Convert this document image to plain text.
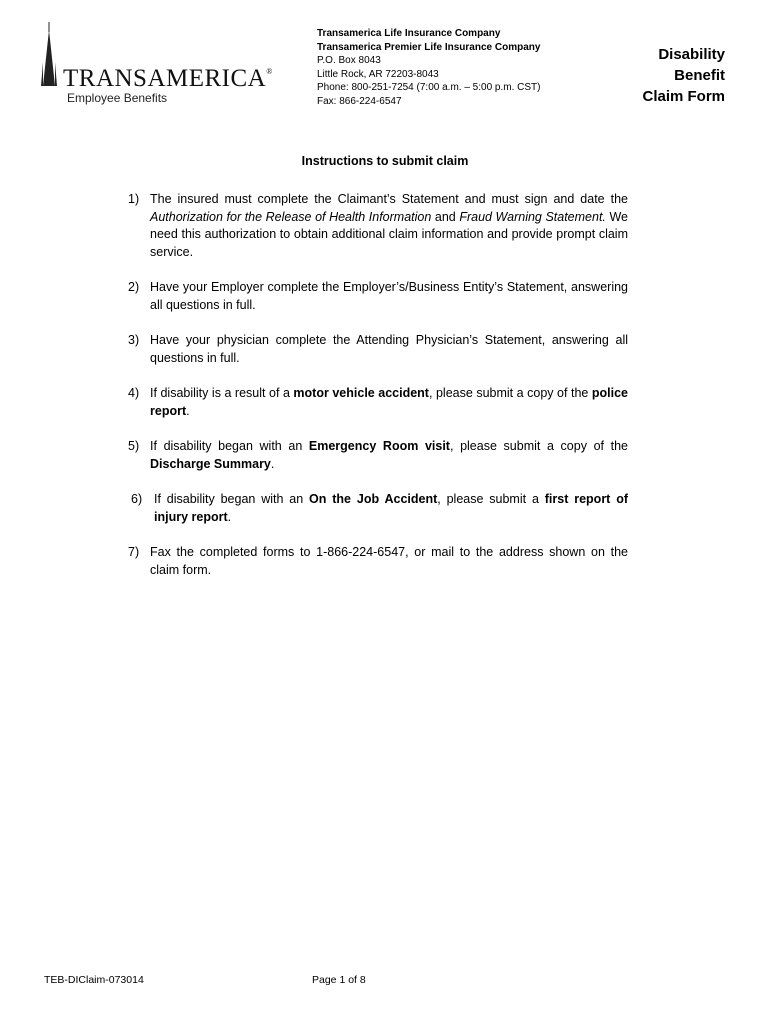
TRANSAMERICA®
Employee Benefits
Transamerica Life Insurance Company
Transamerica Premier Life Insurance Company
P.O. Box 8043
Little Rock, AR 72203-8043
Phone: 800-251-7254 (7:00 a.m. – 5:00 p.m. CST)
Fax: 866-224-6547
Disability
Benefit
Claim Form
Instructions to submit claim
1) The insured must complete the Claimant’s Statement and must sign and date the Authorization for the Release of Health Information and Fraud Warning Statement. We need this authorization to obtain additional claim information and provide prompt claim service.
2) Have your Employer complete the Employer’s/Business Entity’s Statement, answering all questions in full.
3) Have your physician complete the Attending Physician’s Statement, answering all questions in full.
4) If disability is a result of a motor vehicle accident, please submit a copy of the police report.
5) If disability began with an Emergency Room visit, please submit a copy of the Discharge Summary.
6) If disability began with an On the Job Accident, please submit a first report of injury report.
7) Fax the completed forms to 1-866-224-6547, or mail to the address shown on the claim form.
TEB-DIClaim-073014	Page 1 of 8
